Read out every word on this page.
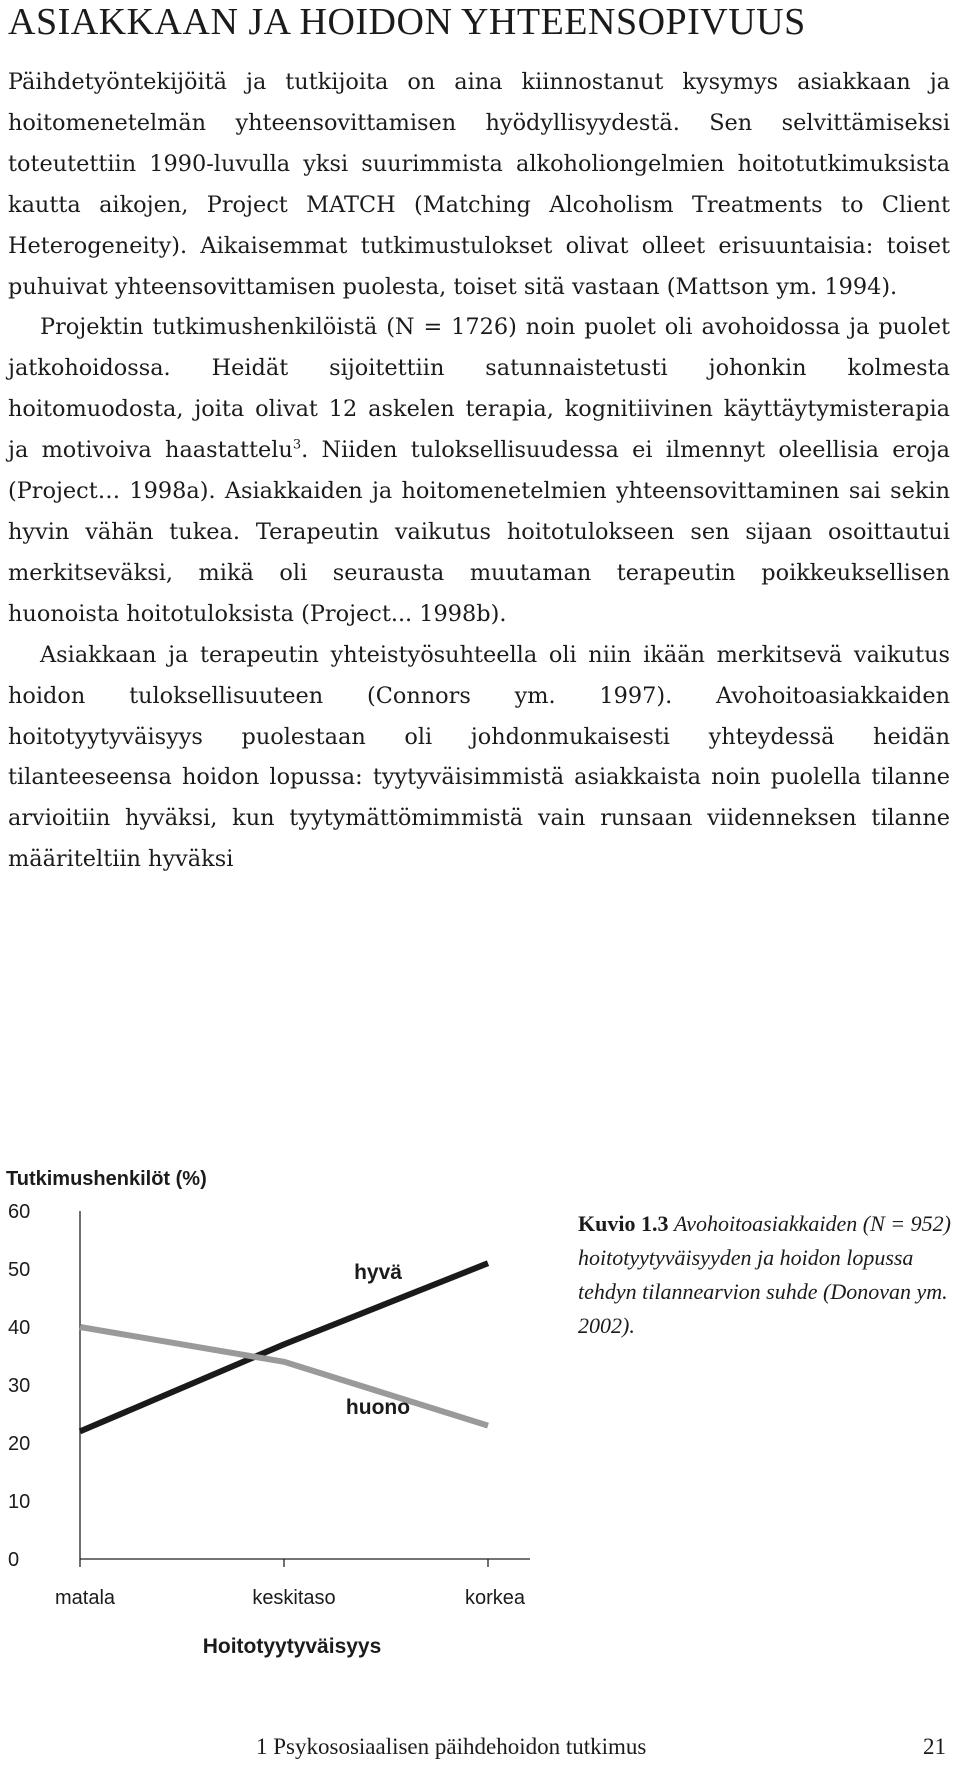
ASIAKKAAN JA HOIDON YHTEENSOPIVUUS

Päihdetyöntekijöitä ja tutkijoita on aina kiinnostanut kysymys asiakkaan ja hoitomenetelmän yhteensovittamisen hyödyllisyydestä. Sen selvittämiseksi toteutettiin 1990-luvulla yksi suurimmista alkoholiongelmien hoitotutkimuksista kautta aikojen, Project MATCH (Matching Alcoholism Treatments to Client Heterogeneity). Aikaisemmat tutkimustulokset olivat olleet erisuuntaisia: toiset puhuivat yhteensovittamisen puolesta, toiset sitä vastaan (Mattson ym. 1994).

Projektin tutkimushenkilöistä (N = 1726) noin puolet oli avohoidossa ja puolet jatkohoidossa. Heidät sijoitettiin satunnaistetusti johonkin kolmesta hoitomuodosta, joita olivat 12 askelen terapia, kognitiivinen käyttäytymisterapia ja motivoiva haastattelu$^3$. Niiden tuloksellisuudessa ei ilmennyt oleellisia eroja (Project… 1998a). Asiakkaiden ja hoitomenetelmien yhteensovittaminen sai sekin hyvin vähän tukea. Terapeutin vaikutus hoitotulokseen sen sijaan osoittautui merkitseväksi, mikä oli seurausta muutaman terapeutin poikkeuksellisen huonoista hoitotuloksista (Project... 1998b).

Asiakkaan ja terapeutin yhteistyösuhteella oli niin ikään merkitsevä vaikutus hoidon tuloksellisuuteen (Connors ym. 1997). Avohoitoasiakkaiden hoitotyytyväisyys puolestaan oli johdonmukaisesti yhteydessä heidän tilanteeseensa hoidon lopussa: tyytyväisimmistä asiakkaista noin puolella tilanne arvioitiin hyväksi, kun tyytymättömimmistä vain runsaan viidenneksen tilanne määriteltiin hyväksi

Tutkimushenkilöt (%)

0
10
20
30
40
50
60
matala	keskitaso	korkea
Hoitotyytyväisyys
hyvä
huono

Kuvio 1.3 Avohoitoasiakkaiden (N = 952) hoitotyytyväisyyden ja hoidon lopussa tehdyn tilannearvion suhde (Donovan ym. 2002).

1 Psykososiaalisen päihdehoidon tutkimus	21
